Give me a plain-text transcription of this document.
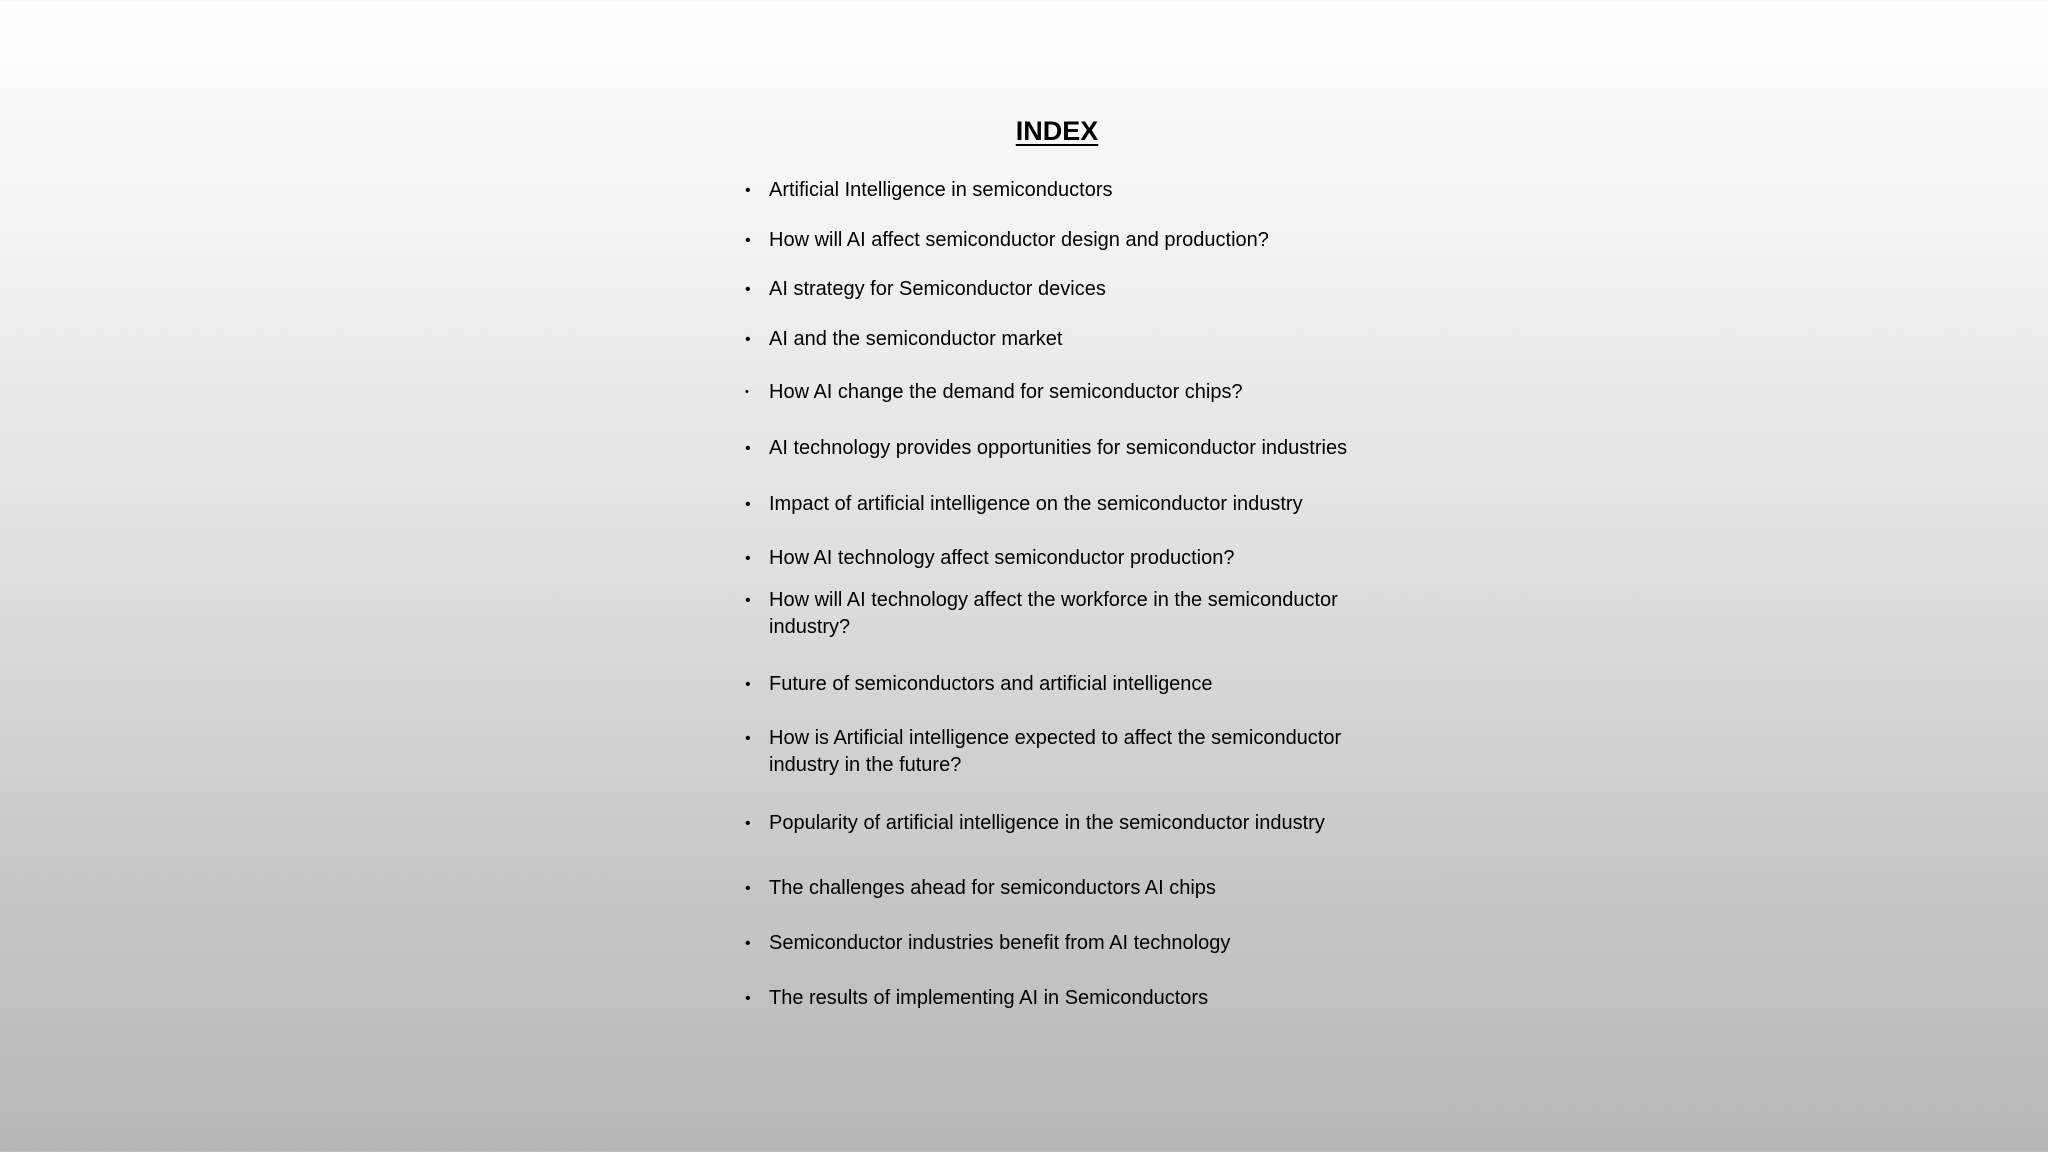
INDEX
• Artificial Intelligence in semiconductors
• How will AI affect semiconductor design and production?
• AI strategy for Semiconductor devices
• AI and the semiconductor market
•	How AI change the demand for semiconductor chips?
• AI technology provides opportunities for semiconductor industries
• Impact of artificial intelligence on the semiconductor industry
• How AI technology affect semiconductor production?
• How will AI technology affect the workforce in the semiconductor industry?
• Future of semiconductors and artificial intelligence
• How is Artificial intelligence expected to affect the semiconductor industry in the future?
• Popularity of artificial intelligence in the semiconductor industry
• The challenges ahead for semiconductors AI chips
• Semiconductor industries benefit from AI technology
• The results of implementing AI in Semiconductors
